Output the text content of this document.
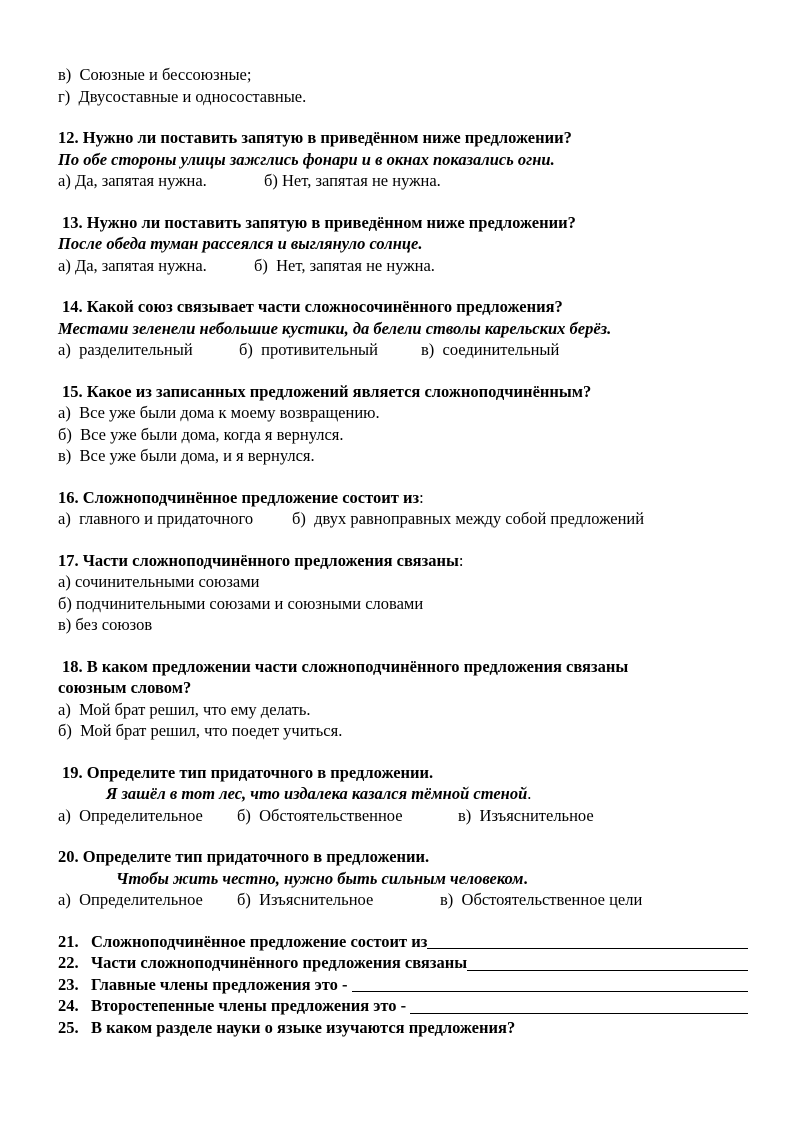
в)  Союзные и бессоюзные;
г)  Двусоставные и односоставные.
12. Нужно ли поставить запятую в приведённом ниже предложении?
По обе стороны улицы зажглись фонари и в окнах показались огни.
а) Да, запятая нужна.	б) Нет, запятая не нужна.
13. Нужно ли поставить запятую в приведённом ниже предложении?
После обеда туман рассеялся и выглянуло солнце.
а) Да, запятая нужна.	б)  Нет, запятая не нужна.
14. Какой союз связывает части сложносочинённого предложения?
Местами зеленели небольшие кустики, да белели стволы карельских берёз.
а)  разделительный	б)  противительный	в)  соединительный
15. Какое из записанных предложений является сложноподчинённым?
а)  Все уже были дома к моему возвращению.
б)  Все уже были дома, когда я вернулся.
в)  Все уже были дома, и я вернулся.
16. Сложноподчинённое предложение состоит из:
а)  главного и придаточного б)  двух равноправных между собой предложений
17. Части сложноподчинённого предложения связаны:
а) сочинительными союзами
б) подчинительными союзами и союзными словами
в) без союзов
18. В каком предложении части сложноподчинённого предложения связаны
союзным словом?
а)  Мой брат решил, что ему делать.
б)  Мой брат решил, что поедет учиться.
19. Определите тип придаточного в предложении.
Я зашёл в тот лес, что издалека казался тёмной стеной.
а)  Определительное б)  Обстоятельственное	в)  Изъяснительное
20. Определите тип придаточного в предложении.
Чтобы жить честно, нужно быть сильным человеком.
а)  Определительное б)  Изъяснительное	в)  Обстоятельственное цели
21. Сложноподчинённое предложение состоит из
22. Части сложноподчинённого предложения связаны
23. Главные члены предложения это -
24. Второстепенные члены предложения это -
25. В каком разделе науки о языке изучаются предложения?
